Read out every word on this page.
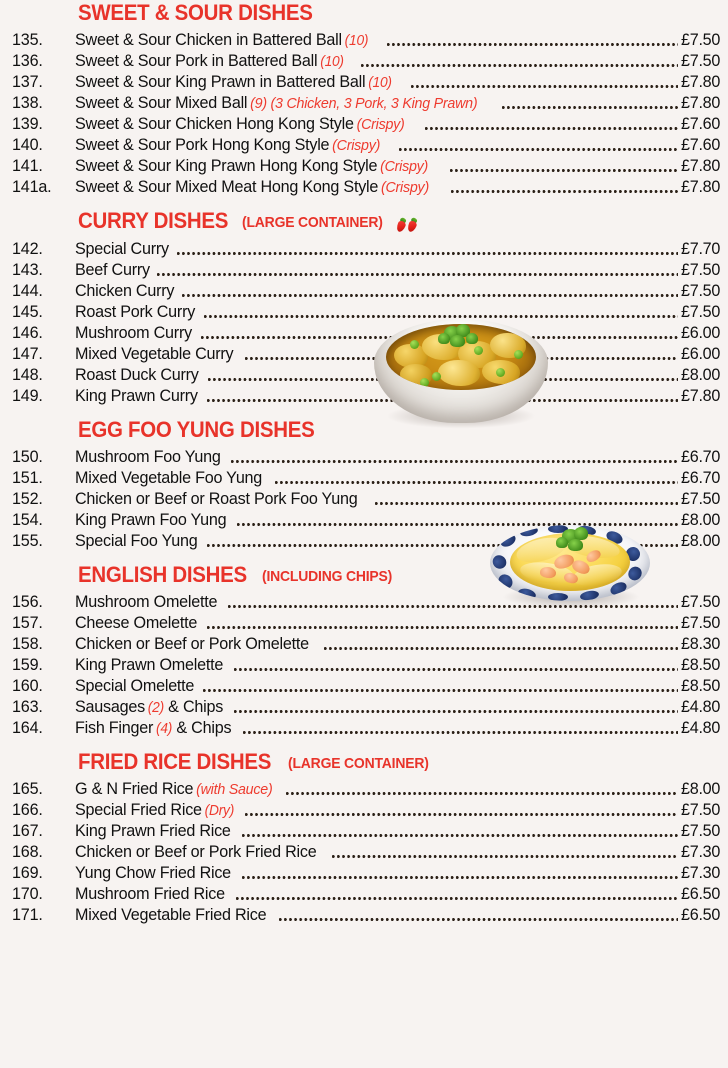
SWEET & SOUR DISHES
135.	Sweet & Sour Chicken in Battered Ball (10)	£7.50
136.	Sweet & Sour Pork in Battered Ball (10)	£7.50
137.	Sweet & Sour King Prawn in Battered Ball (10)	£7.80
138.	Sweet & Sour Mixed Ball (9) (3 Chicken, 3 Pork, 3 King Prawn)	£7.80
139.	Sweet & Sour Chicken Hong Kong Style (Crispy)	£7.60
140.	Sweet & Sour Pork Hong Kong Style (Crispy)	£7.60
141.	Sweet & Sour King Prawn Hong Kong Style (Crispy)	£7.80
141a.	Sweet & Sour Mixed Meat Hong Kong Style (Crispy)	£7.80
CURRY DISHES (LARGE CONTAINER)
142.	Special Curry	£7.70
143.	Beef Curry	£7.50
144.	Chicken Curry	£7.50
145.	Roast Pork Curry	£7.50
146.	Mushroom Curry	£6.00
147.	Mixed Vegetable Curry	£6.00
148.	Roast Duck Curry	£8.00
149.	King Prawn Curry	£7.80
EGG FOO YUNG DISHES
150.	Mushroom Foo Yung	£6.70
151.	Mixed Vegetable Foo Yung	£6.70
152.	Chicken or Beef or Roast Pork Foo Yung	£7.50
154.	King Prawn Foo Yung	£8.00
155.	Special Foo Yung	£8.00
ENGLISH DISHES (INCLUDING CHIPS)
156.	Mushroom Omelette	£7.50
157.	Cheese Omelette	£7.50
158.	Chicken or Beef or Pork Omelette	£8.30
159.	King Prawn Omelette	£8.50
160.	Special Omelette	£8.50
163.	Sausages (2) & Chips	£4.80
164.	Fish Finger (4) & Chips	£4.80
FRIED RICE DISHES (LARGE CONTAINER)
165.	G & N Fried Rice (with Sauce)	£8.00
166.	Special Fried Rice (Dry)	£7.50
167.	King Prawn Fried Rice	£7.50
168.	Chicken or Beef or Pork Fried Rice	£7.30
169.	Yung Chow Fried Rice	£7.30
170.	Mushroom Fried Rice	£6.50
171.	Mixed Vegetable Fried Rice	£6.50
